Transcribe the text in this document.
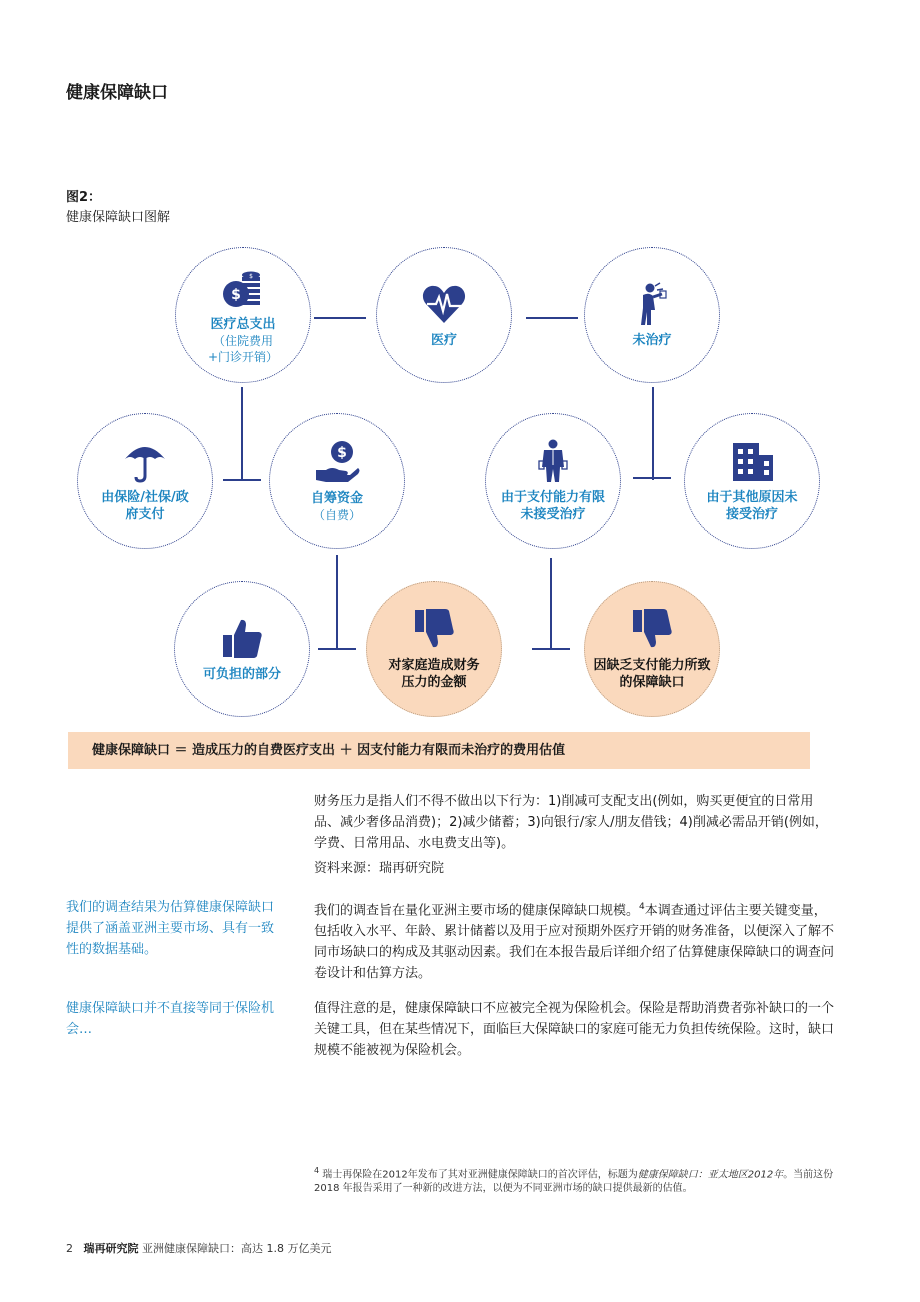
健康保障缺口
图2：
健康保障缺口图解
$
$
医疗总支出
（住院费用+门诊开销）
医疗	未治疗
由保险/社保/政府支付
$
自筹资金
（自费）
由于支付能力有限未接受治疗
由于其他原因未接受治疗
可负担的部分
对家庭造成财务压力的金额
因缺乏支付能力所致的保障缺口
健康保障缺口 ＝ 造成压力的自费医疗支出 ＋ 因支付能力有限而未治疗的费用估值
财务压力是指人们不得不做出以下行为：1)削减可支配支出(例如，购买更便宜的日常用品、减少奢侈品消费)；2)减少储蓄；3)向银行/家人/朋友借钱；4)削减必需品开销(例如，学费、日常用品、水电费支出等)。
资料来源：瑞再研究院
我们的调查结果为估算健康保障缺口提供了涵盖亚洲主要市场、具有一致性的数据基础。
我们的调查旨在量化亚洲主要市场的健康保障缺口规模。$^4$本调查通过评估主要关键变量，包括收入水平、年龄、累计储蓄以及用于应对预期外医疗开销的财务准备，以便深入了解不同市场缺口的构成及其驱动因素。我们在本报告最后详细介绍了估算健康保障缺口的调查问卷设计和估算方法。
健康保障缺口并不直接等同于保险机会…
值得注意的是，健康保障缺口不应被完全视为保险机会。保险是帮助消费者弥补缺口的一个关键工具，但在某些情况下，面临巨大保障缺口的家庭可能无力负担传统保险。这时，缺口规模不能被视为保险机会。
$^4$ 瑞士再保险在2012年发布了其对亚洲健康保障缺口的首次评估，标题为健康保障缺口：亚太地区2012年。当前这份 2018 年报告采用了一种新的改进方法，以便为不同亚洲市场的缺口提供最新的估值。
2 瑞再研究院 亚洲健康保障缺口：高达 1.8 万亿美元
